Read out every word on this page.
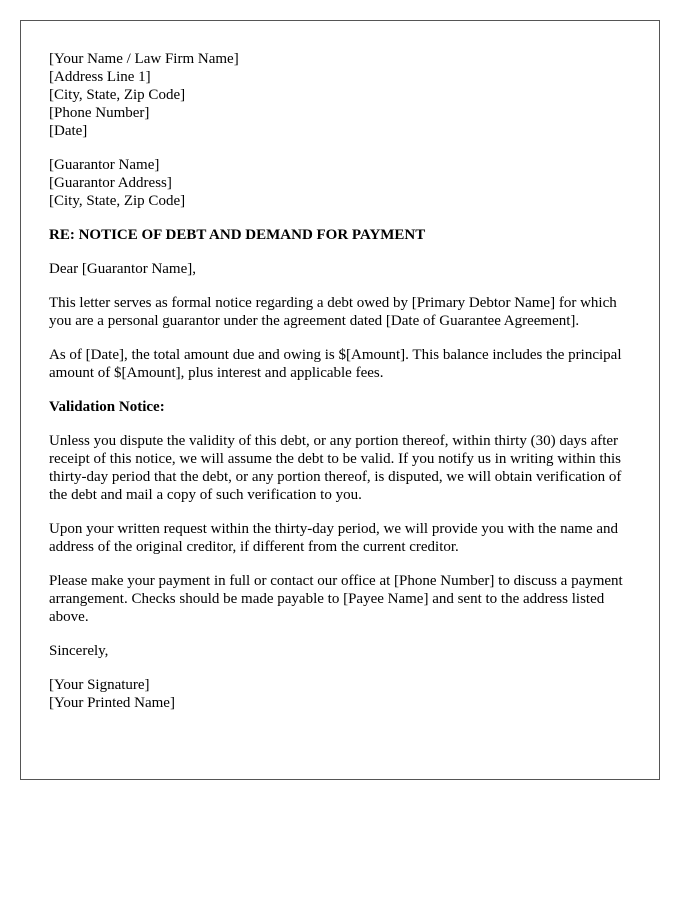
[Your Name / Law Firm Name]
[Address Line 1]
[City, State, Zip Code]
[Phone Number]
[Date]
[Guarantor Name]
[Guarantor Address]
[City, State, Zip Code]

RE: NOTICE OF DEBT AND DEMAND FOR PAYMENT

Dear [Guarantor Name],

This letter serves as formal notice regarding a debt owed by [Primary Debtor Name] for which you are a personal guarantor under the agreement dated [Date of Guarantee Agreement].

As of [Date], the total amount due and owing is $[Amount]. This balance includes the principal amount of $[Amount], plus interest and applicable fees.

Validation Notice:

Unless you dispute the validity of this debt, or any portion thereof, within thirty (30) days after receipt of this notice, we will assume the debt to be valid. If you notify us in writing within this thirty-day period that the debt, or any portion thereof, is disputed, we will obtain verification of the debt and mail a copy of such verification to you.

Upon your written request within the thirty-day period, we will provide you with the name and address of the original creditor, if different from the current creditor.

Please make your payment in full or contact our office at [Phone Number] to discuss a payment arrangement. Checks should be made payable to [Payee Name] and sent to the address listed above.

Sincerely,

[Your Signature]
[Your Printed Name]
